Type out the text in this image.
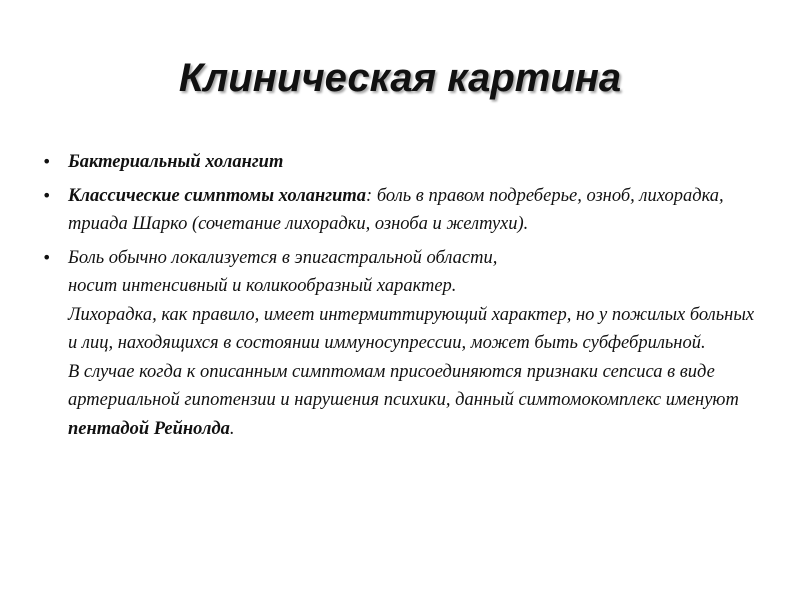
Клиническая картина
• Бактериальный холангит
• Классические симптомы холангита: боль в правом подреберье, озноб, лихорадка, триада Шарко (сочетание лихорадки, озноба и желтухи).
• Боль обычно локализуется в эпигастральной области,
носит интенсивный и коликообразный характер.
Лихорадка, как правило, имеет интермиттирующий характер, но у пожилых больных и лиц, находящихся в состоянии иммуносупрессии, может быть субфебрильной.
В случае когда к описанным симптомам присоединяются признаки сепсиса в виде артериальной гипотензии и нарушения психики, данный симтомокомплекс именуют пентадой Рейнолда.
